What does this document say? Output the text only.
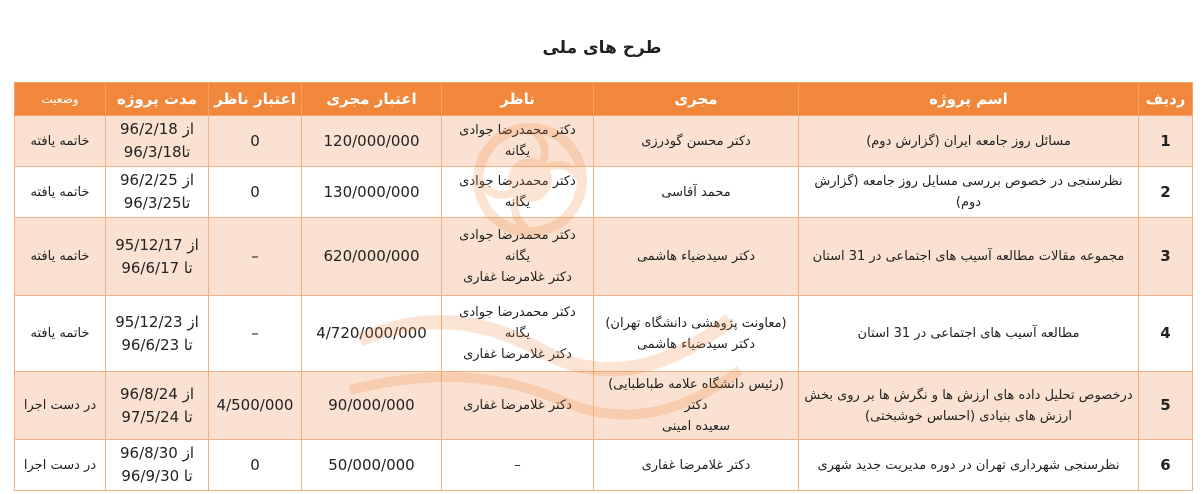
طرح های ملی
ردیف	اسم پروژه	مجری	ناظر	اعتبار مجری	اعتبار ناظر	مدت پروژه	وضعیت
1	مسائل روز جامعه ایران (گزارش دوم)	دکتر محسن گودرزی	دکتر محمدرضا جوادی
یگانه	120/000/000	0	از 96/2/18
تا96/3/18	خاتمه یافته

2	نظرسنجی در خصوص بررسی مسایل روز جامعه (گزارش دوم)	محمد آقاسی	دکتر محمدرضا جوادی
یگانه	130/000/000	0	از 96/2/25
تا96/3/25	خاتمه یافته

3	مجموعه مقالات مطالعه آسیب های اجتماعی در 31 استان	دکتر سیدضیاء هاشمی	دکتر محمدرضا جوادی
یگانه
دکتر غلامرضا غفاری	620/000/000	–	از 95/12/17
تا 96/6/17	خاتمه یافته

4	مطالعه آسیب های اجتماعی در 31 استان	(معاونت پژوهشی دانشگاه تهران)
دکتر سیدضیاء هاشمی	دکتر محمدرضا جوادی
یگانه
دکتر غلامرضا غفاری	4/720/000/000	–	از 95/12/23
تا 96/6/23	خاتمه یافته

5	درخصوص تحلیل داده های ارزش ها و نگرش ها بر روی بخش
ارزش های بنیادی (احساس خوشبختی)	(رئیس دانشگاه علامه طباطبایی) دکتر
سعیده امینی	دکتر غلامرضا غفاری	90/000/000	4/500/000	از 96/8/24
تا 97/5/24	در دست اجرا

6	نظرسنجی شهرداری تهران در دوره مدیریت جدید شهری	دکتر غلامرضا غفاری	–	50/000/000	0	از 96/8/30
تا 96/9/30	در دست اجرا
